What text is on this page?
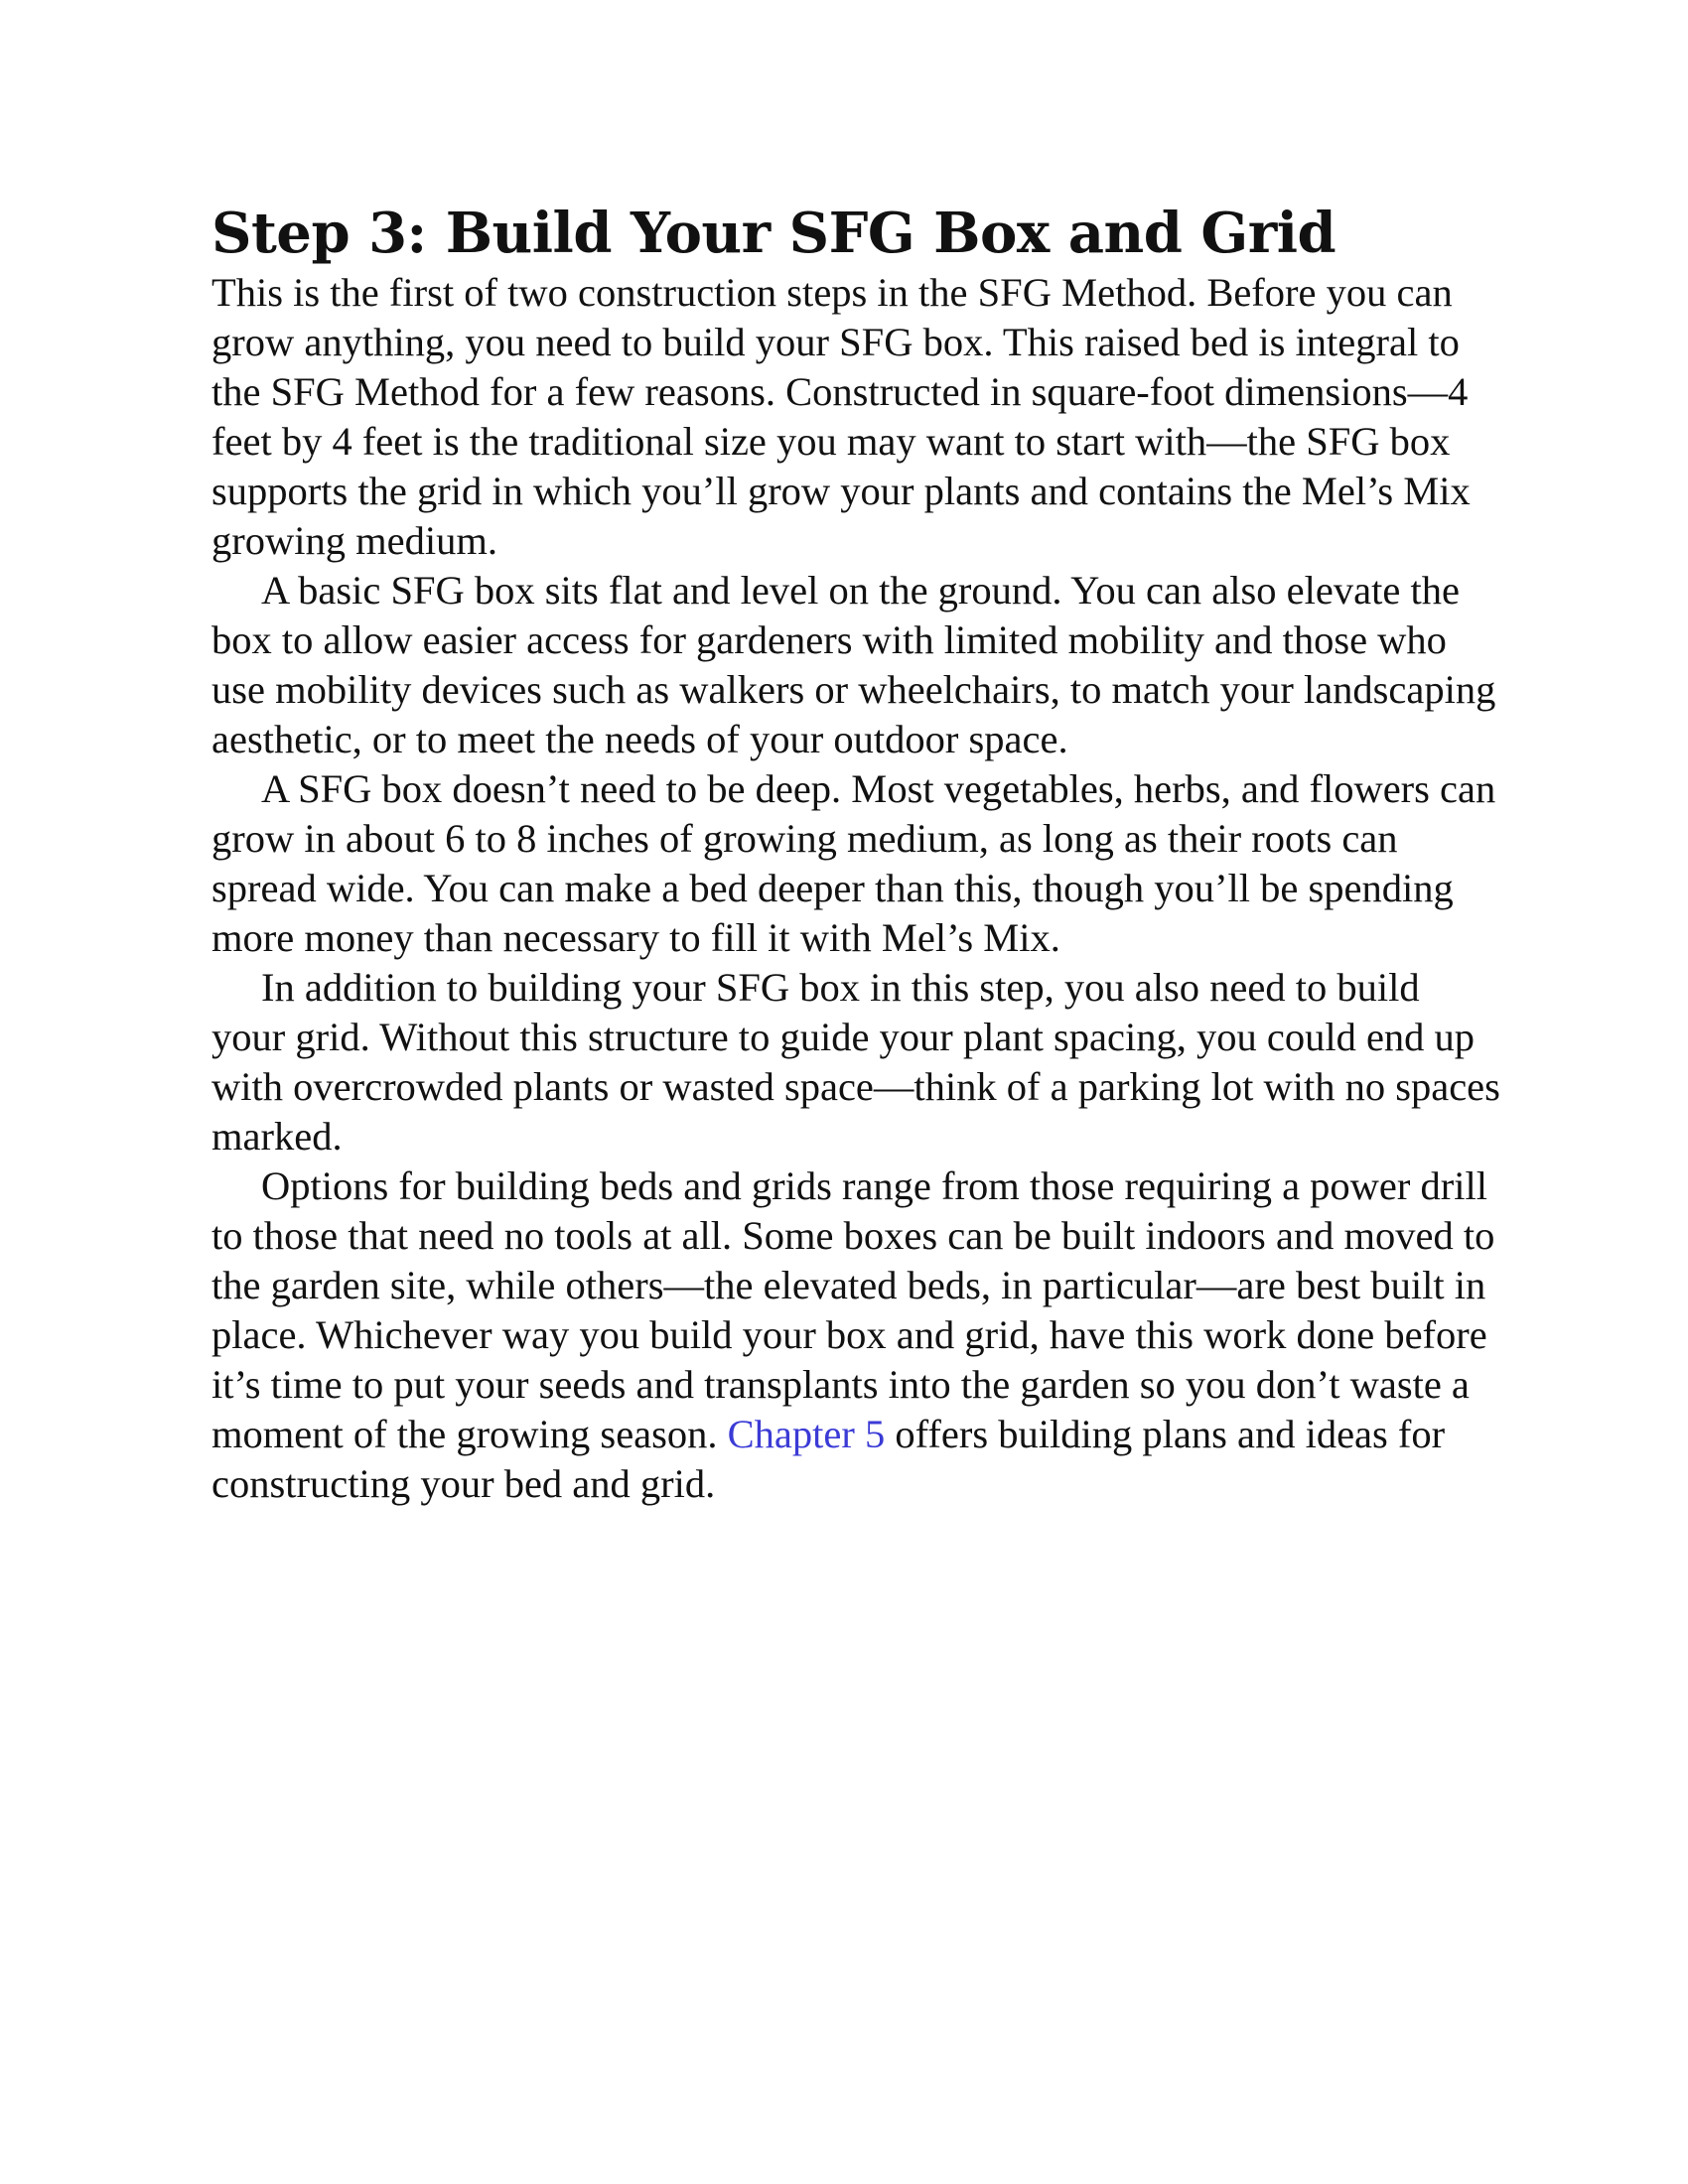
Step 3: Build Your SFG Box and Grid

This is the first of two construction steps in the SFG Method. Before you can grow anything, you need to build your SFG box. This raised bed is integral to the SFG Method for a few reasons. Constructed in square-foot dimensions—4 feet by 4 feet is the traditional size you may want to start with—the SFG box supports the grid in which you’ll grow your plants and contains the Mel’s Mix growing medium.

A basic SFG box sits flat and level on the ground. You can also elevate the box to allow easier access for gardeners with limited mobility and those who use mobility devices such as walkers or wheelchairs, to match your landscaping aesthetic, or to meet the needs of your outdoor space.

A SFG box doesn’t need to be deep. Most vegetables, herbs, and flowers can grow in about 6 to 8 inches of growing medium, as long as their roots can spread wide. You can make a bed deeper than this, though you’ll be spending more money than necessary to fill it with Mel’s Mix.

In addition to building your SFG box in this step, you also need to build your grid. Without this structure to guide your plant spacing, you could end up with overcrowded plants or wasted space—think of a parking lot with no spaces marked.

Options for building beds and grids range from those requiring a power drill to those that need no tools at all. Some boxes can be built indoors and moved to the garden site, while others—the elevated beds, in particular—are best built in place. Whichever way you build your box and grid, have this work done before it’s time to put your seeds and transplants into the garden so you don’t waste a moment of the growing season. Chapter 5 offers building plans and ideas for constructing your bed and grid.
